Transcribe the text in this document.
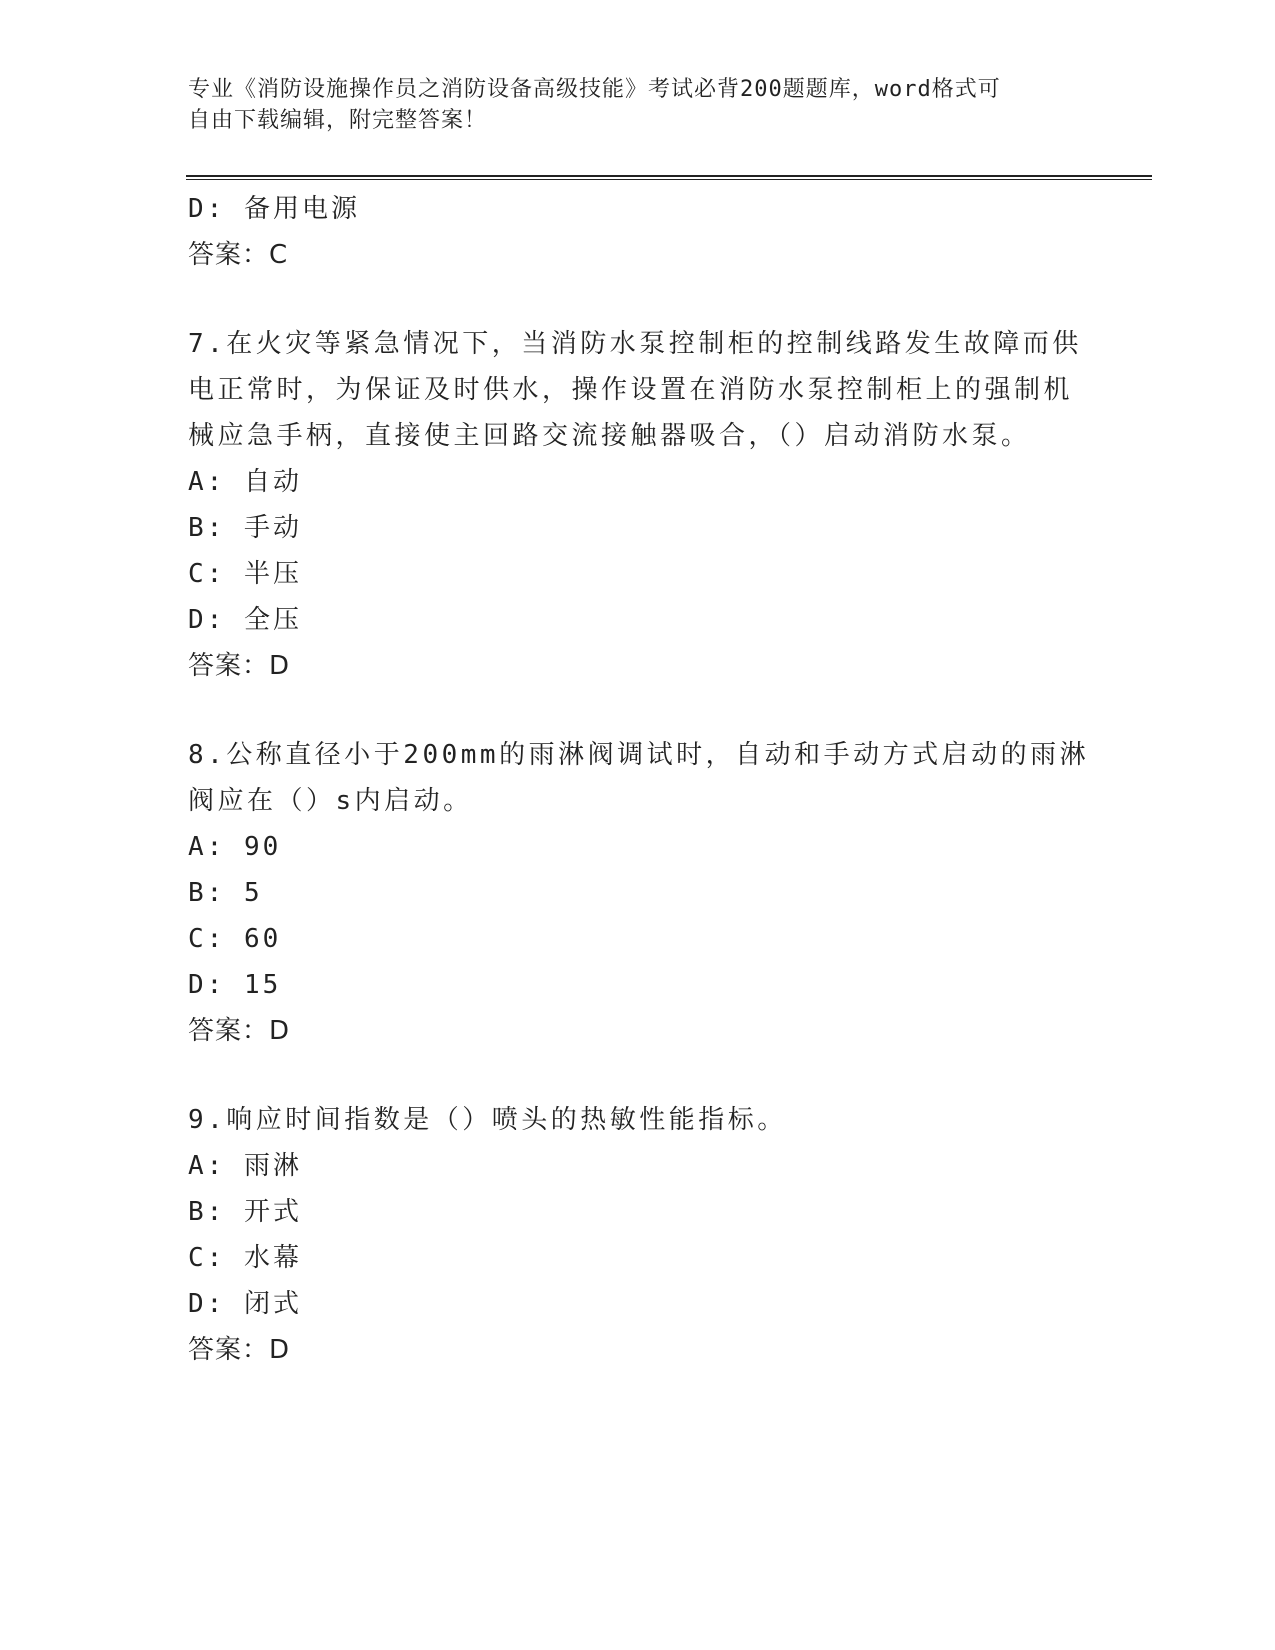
专业《消防设施操作员之消防设备高级技能》考试必背200题题库，word格式可
自由下载编辑，附完整答案！
D: 备用电源
答案：C
7.在火灾等紧急情况下，当消防水泵控制柜的控制线路发生故障而供
电正常时，为保证及时供水，操作设置在消防水泵控制柜上的强制机
械应急手柄，直接使主回路交流接触器吸合，（）启动消防水泵。
A: 自动
B: 手动
C: 半压
D: 全压
答案：D
8.公称直径小于200mm的雨淋阀调试时，自动和手动方式启动的雨淋
阀应在（）s内启动。
A: 90
B: 5
C: 60
D: 15
答案：D
9.响应时间指数是（）喷头的热敏性能指标。
A: 雨淋
B: 开式
C: 水幕
D: 闭式
答案：D
